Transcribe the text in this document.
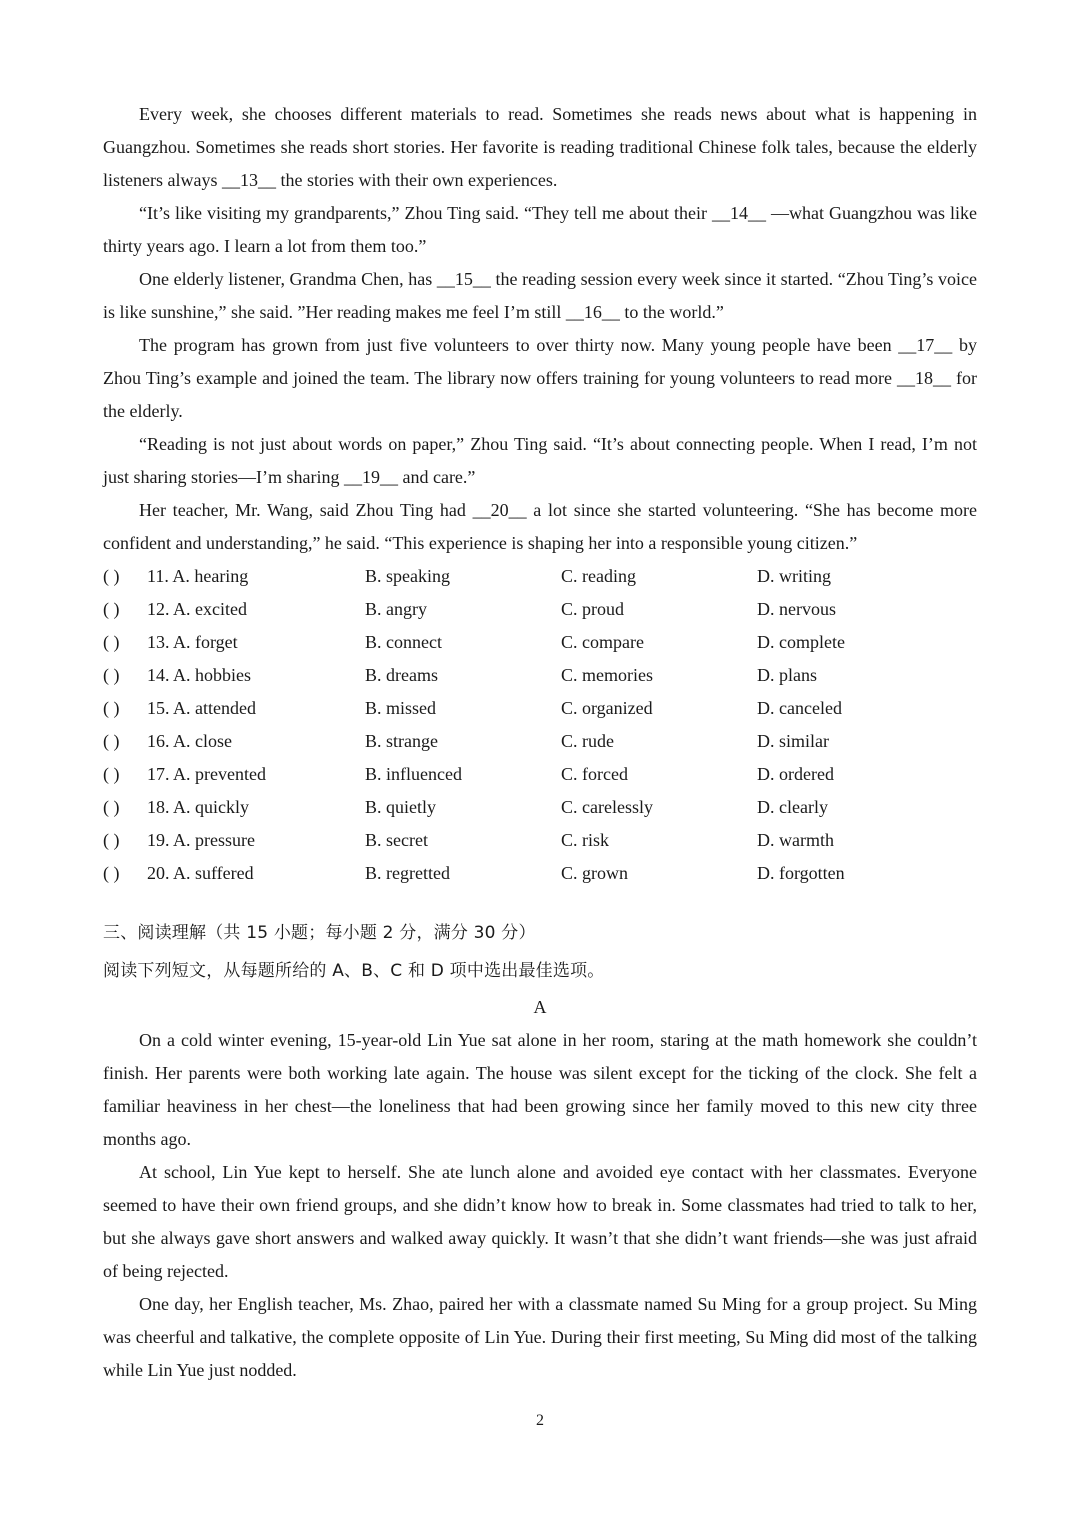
Every week, she chooses different materials to read. Sometimes she reads news about what is happening in Guangzhou. Sometimes she reads short stories. Her favorite is reading traditional Chinese folk tales, because the elderly listeners always __13__ the stories with their own experiences.

“It’s like visiting my grandparents,” Zhou Ting said. “They tell me about their __14__ —what Guangzhou was like thirty years ago. I learn a lot from them too.”

One elderly listener, Grandma Chen, has __15__ the reading session every week since it started. “Zhou Ting’s voice is like sunshine,” she said. ”Her reading makes me feel I’m still __16__ to the world.”

The program has grown from just five volunteers to over thirty now. Many young people have been __17__ by Zhou Ting’s example and joined the team. The library now offers training for young volunteers to read more __18__ for the elderly.

“Reading is not just about words on paper,” Zhou Ting said. “It’s about connecting people. When I read, I’m not just sharing stories—I’m sharing __19__ and care.”

Her teacher, Mr. Wang, said Zhou Ting had __20__ a lot since she started volunteering. “She has become more confident and understanding,” he said. “This experience is shaping her into a responsible young citizen.”

( ) 11. A. hearing	B. speaking	C. reading	D. writing
( ) 12. A. excited	B. angry	C. proud	D. nervous
( ) 13. A. forget	B. connect	C. compare	D. complete
( ) 14. A. hobbies	B. dreams	C. memories	D. plans
( ) 15. A. attended	B. missed	C. organized	D. canceled
( ) 16. A. close	B. strange	C. rude	D. similar
( ) 17. A. prevented	B. influenced	C. forced	D. ordered
( ) 18. A. quickly	B. quietly	C. carelessly	D. clearly
( ) 19. A. pressure	B. secret	C. risk	D. warmth
( ) 20. A. suffered	B. regretted	C. grown	D. forgotten

三、阅读理解（共 15 小题；每小题 2 分，满分 30 分）

阅读下列短文，从每题所给的 A、B、C 和 D 项中选出最佳选项。

A

On a cold winter evening, 15-year-old Lin Yue sat alone in her room, staring at the math homework she couldn’t finish. Her parents were both working late again. The house was silent except for the ticking of the clock. She felt a familiar heaviness in her chest—the loneliness that had been growing since her family moved to this new city three months ago.

At school, Lin Yue kept to herself. She ate lunch alone and avoided eye contact with her classmates. Everyone seemed to have their own friend groups, and she didn’t know how to break in. Some classmates had tried to talk to her, but she always gave short answers and walked away quickly. It wasn’t that she didn’t want friends—she was just afraid of being rejected.

One day, her English teacher, Ms. Zhao, paired her with a classmate named Su Ming for a group project. Su Ming was cheerful and talkative, the complete opposite of Lin Yue. During their first meeting, Su Ming did most of the talking while Lin Yue just nodded.

2
